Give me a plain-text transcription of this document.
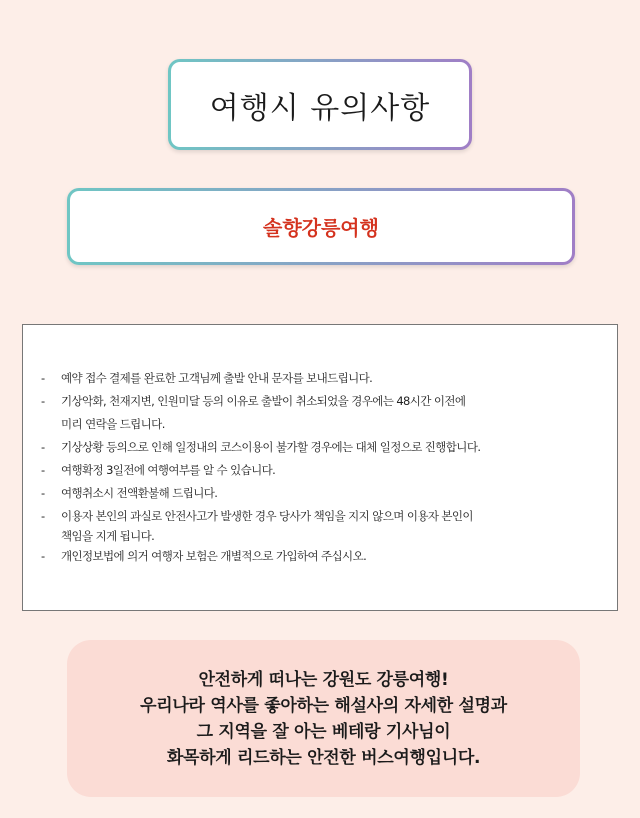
여행시 유의사항
솔향강릉여행
- 예약 접수 결제를 완료한 고객님께 출발 안내 문자를 보내드립니다.
- 기상악화, 천재지변, 인원미달 등의 이유로 출발이 취소되었을 경우에는 48시간 이전에
미리 연락을 드립니다.
- 기상상황 등의으로 인해 일정내의 코스이용이 불가할 경우에는 대체 일정으로 진행합니다.
- 여행확정 3일전에 여행여부를 알 수 있습니다.
- 여행취소시 전액환불해 드립니다.
- 이용자 본인의 과실로 안전사고가 발생한 경우 당사가 책임을 지지 않으며 이용자 본인이
책임을 지게 됩니다.
- 개인정보법에 의거 여행자 보험은 개별적으로 가입하여 주십시오.
안전하게 떠나는 강원도 강릉여행!
우리나라 역사를 좋아하는 해설사의 자세한 설명과
그 지역을 잘 아는 베테랑 기사님이
화목하게 리드하는 안전한 버스여행입니다.
